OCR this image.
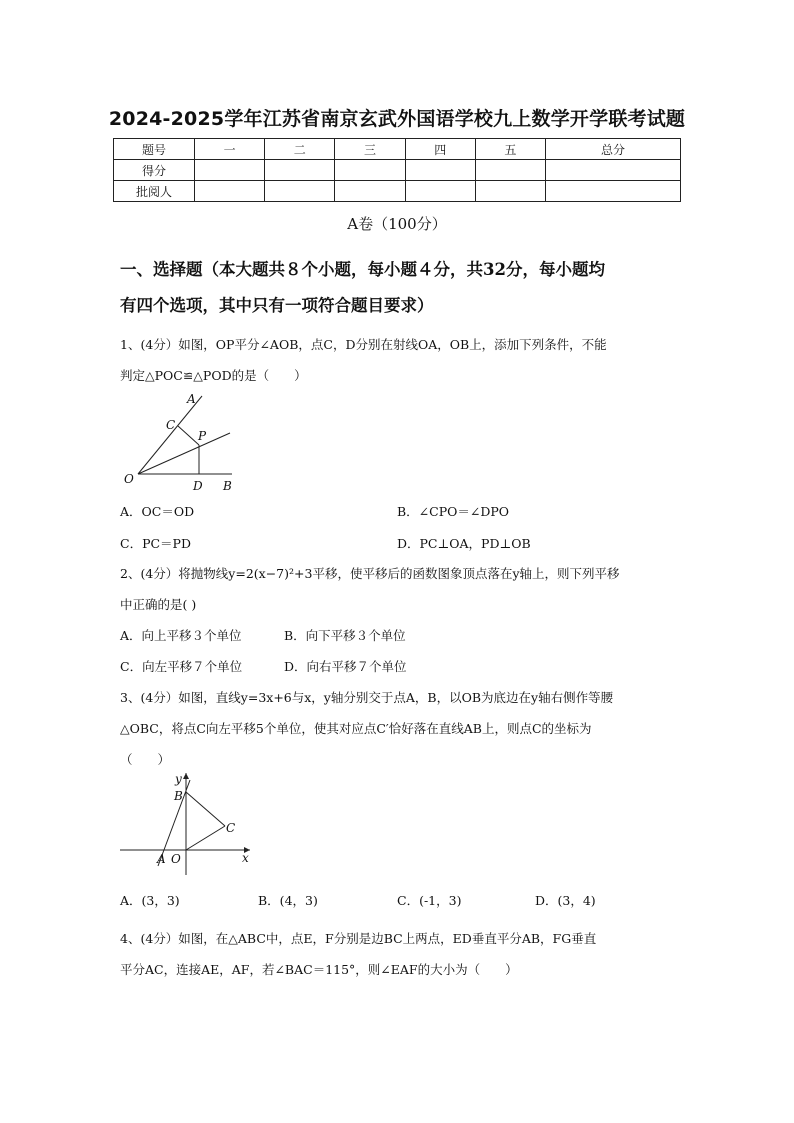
2024-2025学年江苏省南京玄武外国语学校九上数学开学联考试题
题号	一	二	三	四	五	总分
得分						
批阅人						
A卷（100分）
一、选择题（本大题共８个小题，每小题４分，共32分，每小题均
有四个选项，其中只有一项符合题目要求）
1、(4分）如图，OP平分∠AOB，点C，D分别在射线OA，OB上，添加下列条件，不能
判定△POC≌△POD的是（　　）
A
C
P
O	D B
A．OC＝OD	B．∠CPO＝∠DPO
C．PC＝PD	D．PC⊥OA，PD⊥OB
2、(4分）将抛物线y=2(x−7)²+3平移，使平移后的函数图象顶点落在y轴上，则下列平移
中正确的是( )
A．向上平移３个单位	B．向下平移３个单位
C．向左平移７个单位	D．向右平移７个单位
3、(4分）如图，直线y=3x+6与x，y轴分别交于点A，B，以OB为底边在y轴右侧作等腰
△OBC，将点C向左平移5个单位，使其对应点C′恰好落在直线AB上，则点C的坐标为
（　　）
y
B
C
A O	x
A．(3，3)	B．(4，3)	C．(-1，3)	D．(3，4)
4、(4分）如图，在△ABC中，点E，F分别是边BC上两点，ED垂直平分AB，FG垂直
平分AC，连接AE，AF，若∠BAC＝115°，则∠EAF的大小为（　　）
